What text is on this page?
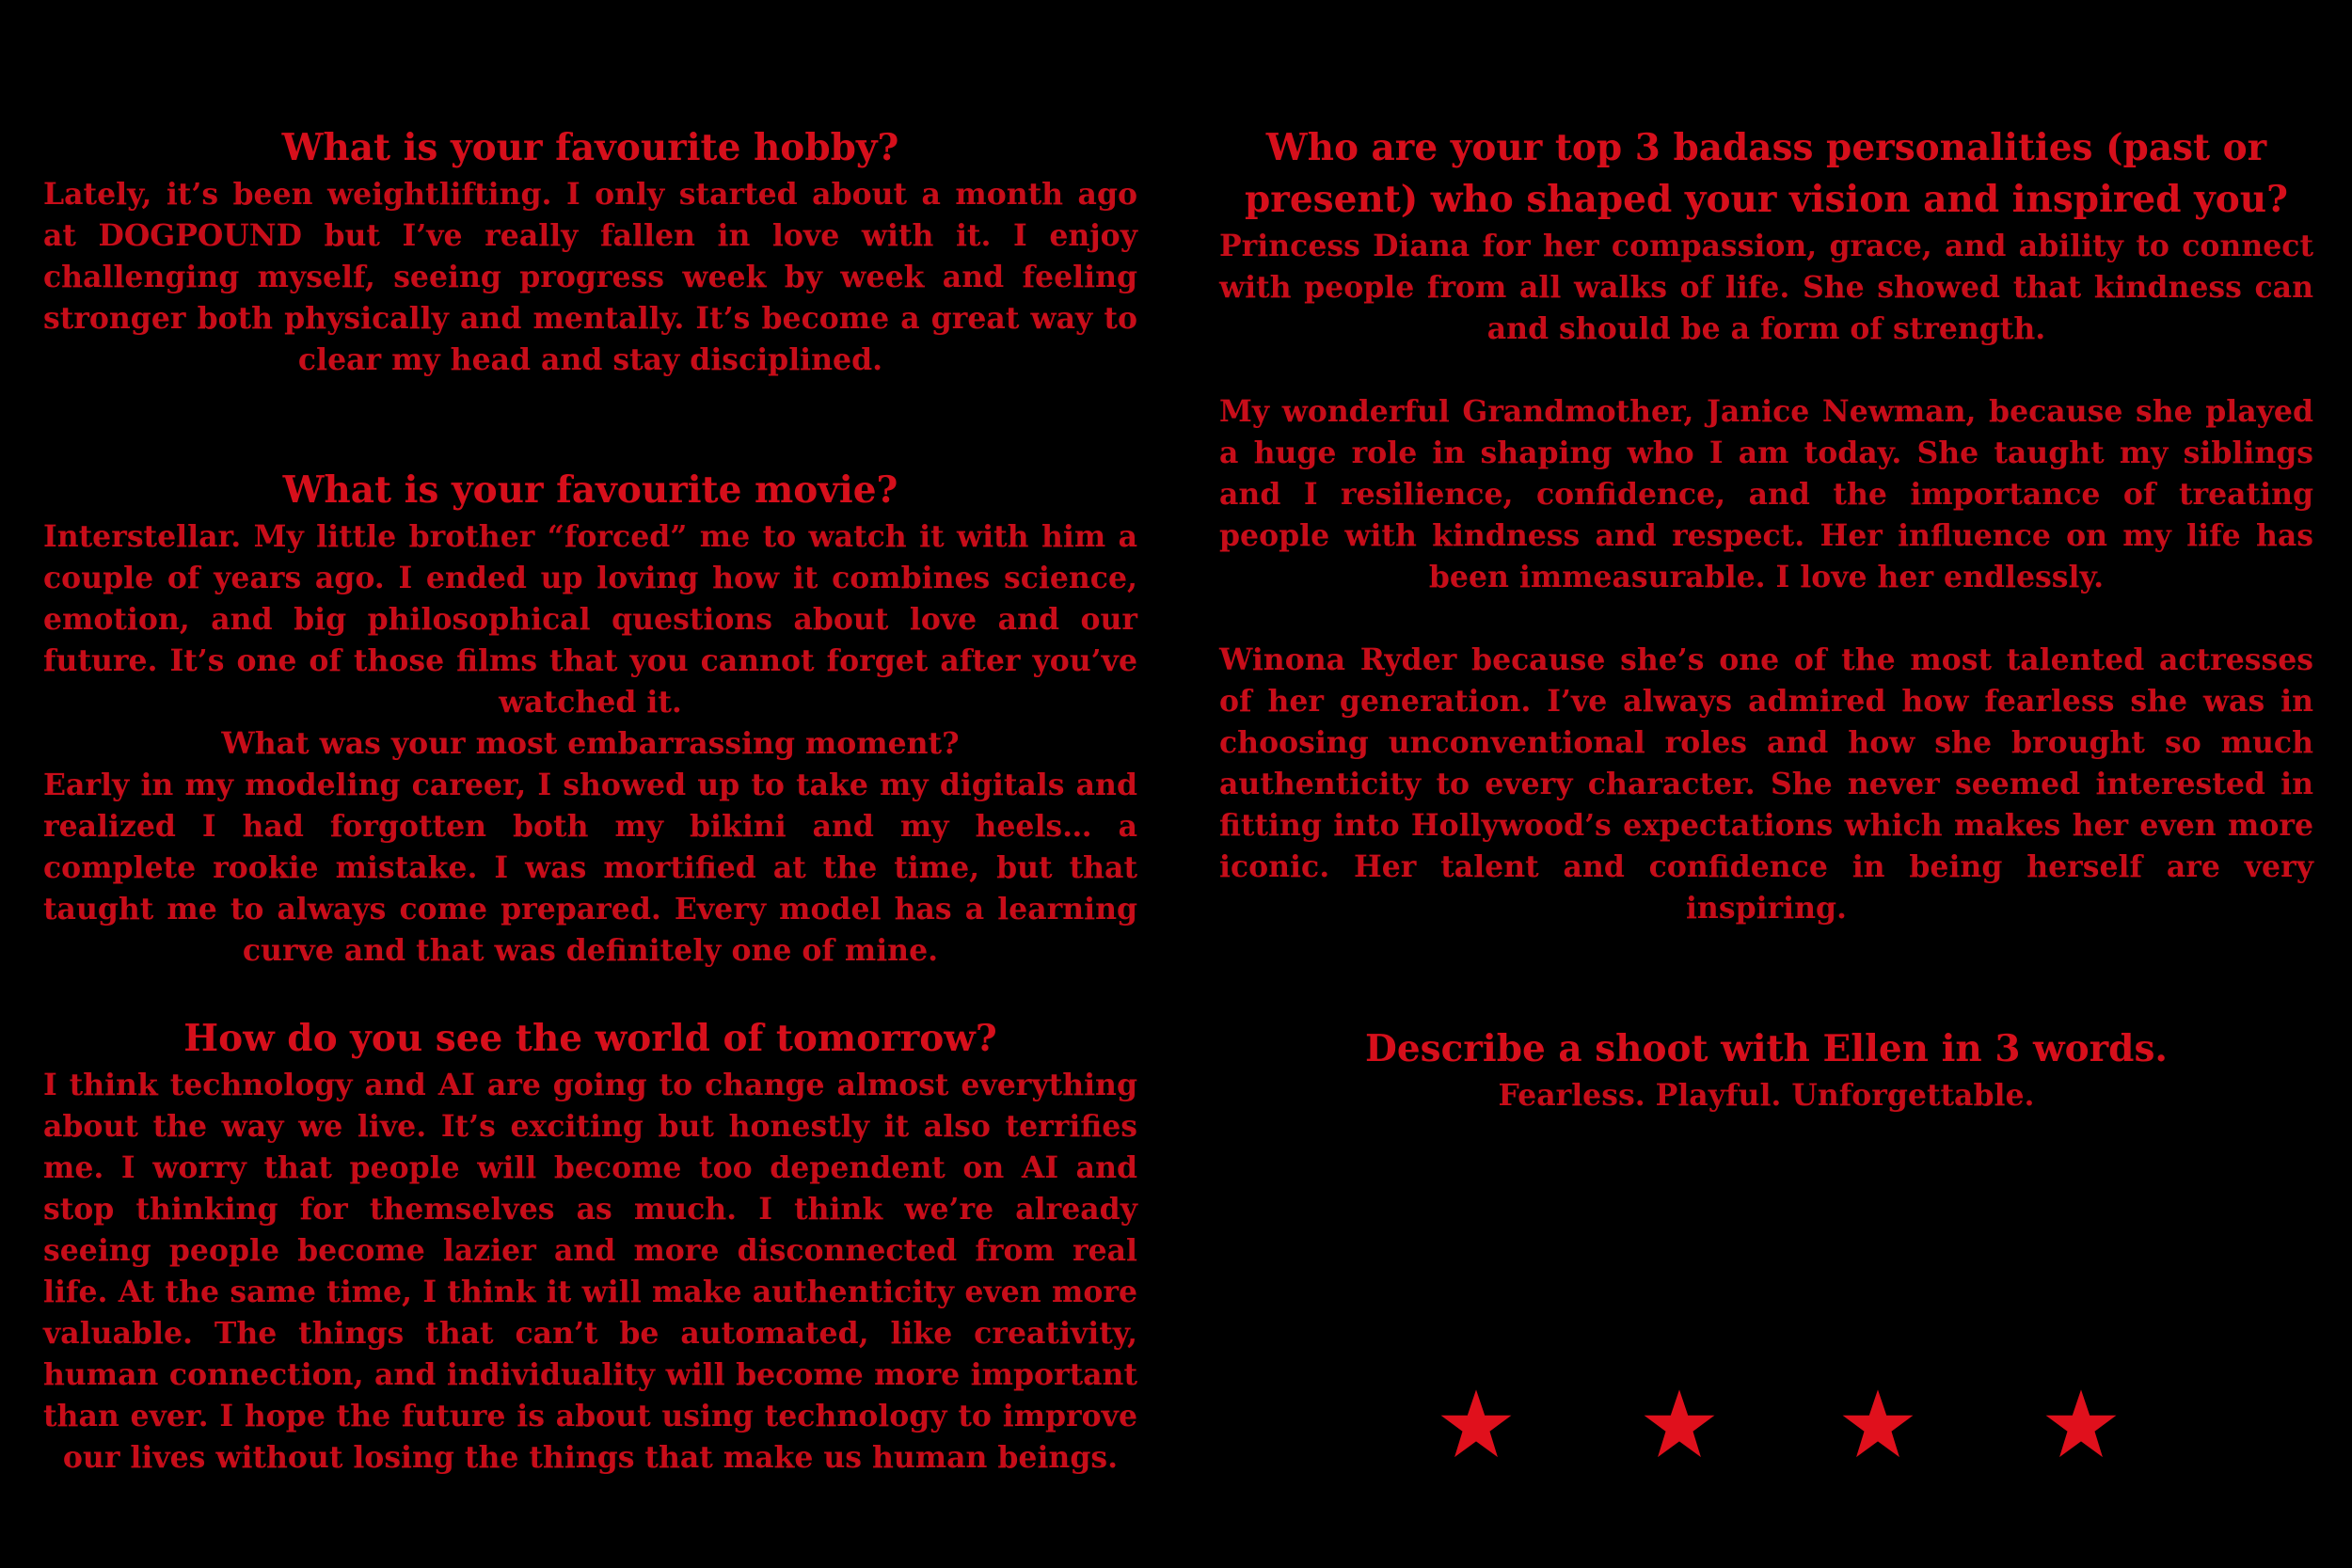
What is your favourite hobby?

Lately, it’s been weightlifting. I only started about a month ago at DOGPOUND but I’ve really fallen in love with it. I enjoy challenging myself, seeing progress week by week and feeling stronger both physically and mentally. It’s become a great way to clear my head and stay disciplined.

What is your favourite movie?

Interstellar. My little brother “forced” me to watch it with him a couple of years ago. I ended up loving how it combines science, emotion, and big philosophical questions about love and our future. It’s one of those films that you cannot forget after you’ve watched it.

What was your most embarrassing moment?

Early in my modeling career, I showed up to take my digitals and realized I had forgotten both my bikini and my heels… a complete rookie mistake. I was mortified at the time, but that taught me to always come prepared. Every model has a learning curve and that was definitely one of mine.

How do you see the world of tomorrow?

I think technology and AI are going to change almost everything about the way we live. It’s exciting but honestly it also terrifies me. I worry that people will become too dependent on AI and stop thinking for themselves as much. I think we’re already seeing people become lazier and more disconnected from real life. At the same time, I think it will make authenticity even more valuable. The things that can’t be automated, like creativity, human connection, and individuality will become more important than ever. I hope the future is about using technology to improve our lives without losing the things that make us human beings.

Who are your top 3 badass personalities (past or present) who shaped your vision and inspired you?

Princess Diana for her compassion, grace, and ability to connect with people from all walks of life. She showed that kindness can and should be a form of strength.

My wonderful Grandmother, Janice Newman, because she played a huge role in shaping who I am today. She taught my siblings and I resilience, confidence, and the importance of treating people with kindness and respect. Her influence on my life has been immeasurable. I love her endlessly.

Winona Ryder because she’s one of the most talented actresses of her generation. I’ve always admired how fearless she was in choosing unconventional roles and how she brought so much authenticity to every character. She never seemed interested in fitting into Hollywood’s expectations which makes her even more iconic. Her talent and confidence in being herself are very inspiring.

Describe a shoot with Ellen in 3 words.

Fearless. Playful. Unforgettable.
